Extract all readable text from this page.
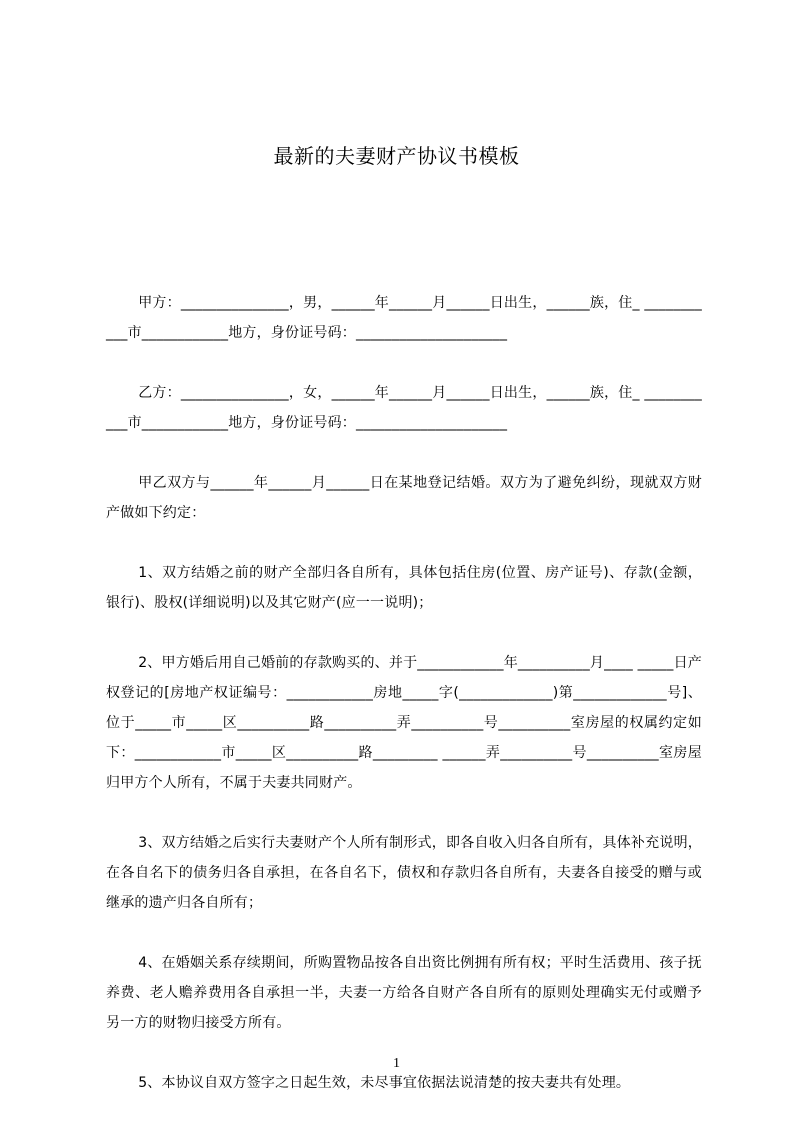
最新的夫妻财产协议书模板

甲方：_______________，男，______年______月______日出生，______族，住_ ___________市____________地方，身份证号码：_____________________

乙方：_______________，女，______年______月______日出生，______族，住_ ___________市____________地方，身份证号码：_____________________

甲乙双方与______年______月______日在某地登记结婚。双方为了避免纠纷，现就双方财产做如下约定：

1、双方结婚之前的财产全部归各自所有，具体包括住房(位置、房产证号)、存款(金额，银行)、股权(详细说明)以及其它财产(应一一说明)；

2、甲方婚后用自己婚前的存款购买的、并于____________年__________月____ _____日产权登记的[房地产权证编号：____________房地_____字(_____________)第_____________号]、位于_____市_____区__________路__________弄__________号__________室房屋的权属约定如下：____________市_____区__________路_________ ______弄__________号__________室房屋归甲方个人所有，不属于夫妻共同财产。

3、双方结婚之后实行夫妻财产个人所有制形式，即各自收入归各自所有，具体补充说明，在各自名下的债务归各自承担，在各自名下，债权和存款归各自所有，夫妻各自接受的赠与或继承的遗产归各自所有；

4、在婚姻关系存续期间，所购置物品按各自出资比例拥有所有权；平时生活费用、孩子抚养费、老人赡养费用各自承担一半，夫妻一方给各自财产各自所有的原则处理确实无付或赠予另一方的财物归接受方所有。

5、本协议自双方签字之日起生效，未尽事宜依据法说清楚的按夫妻共有处理。

1
